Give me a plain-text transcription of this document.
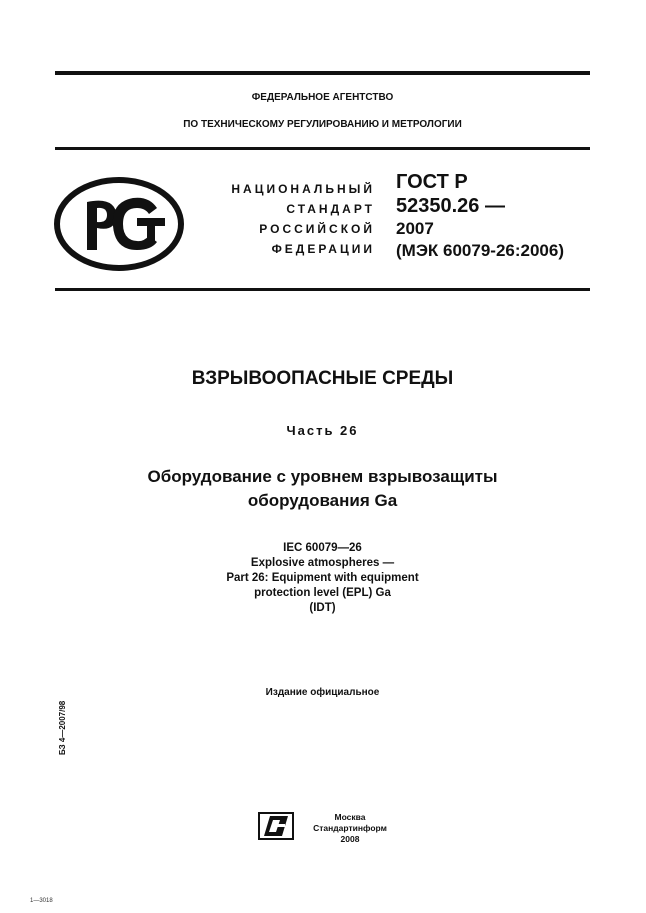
ФЕДЕРАЛЬНОЕ АГЕНТСТВО
ПО ТЕХНИЧЕСКОМУ РЕГУЛИРОВАНИЮ И МЕТРОЛОГИИ
НАЦИОНАЛЬНЫЙ
СТАНДАРТ
РОССИЙСКОЙ
ФЕДЕРАЦИИ
ГОСТ Р
52350.26 —
2007
(МЭК 60079-26:2006)
ВЗРЫВООПАСНЫЕ СРЕДЫ
Часть 26
Оборудование с уровнем взрывозащиты
оборудования Ga
IEC 60079—26
Explosive atmospheres —
Part 26: Equipment with equipment
protection level (EPL) Ga
(IDT)
Издание официальное
БЗ 4—2007/98
Москва
Стандартинформ
2008
1—3018
